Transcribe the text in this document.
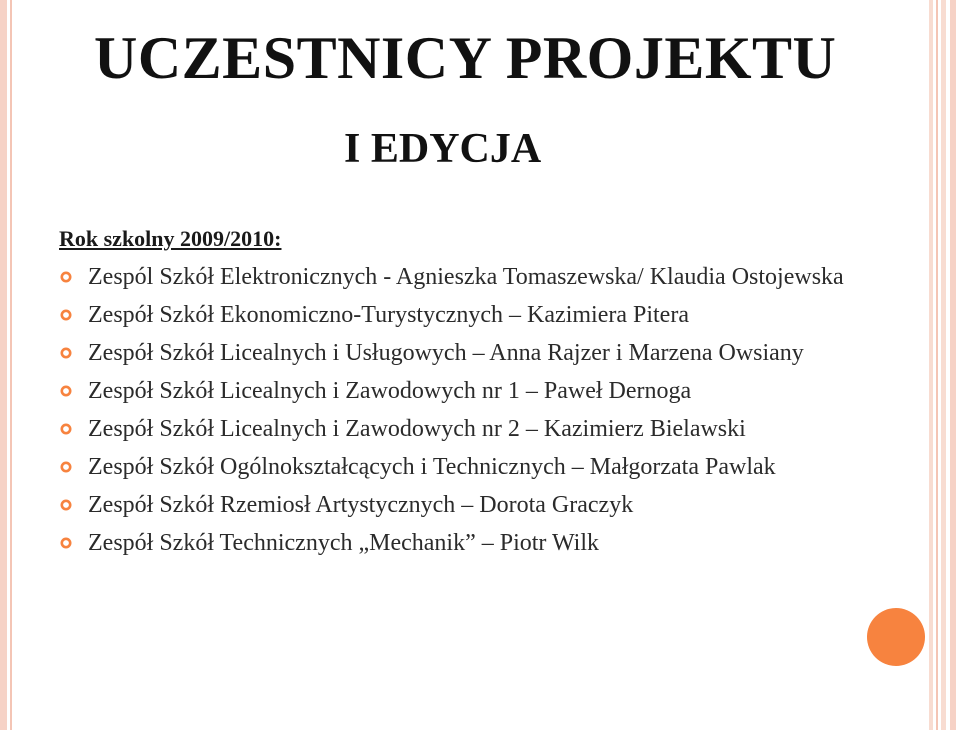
UCZESTNICY PROJEKTU
I EDYCJA
Rok szkolny 2009/2010:
Zespól Szkół Elektronicznych - Agnieszka Tomaszewska/ Klaudia Ostojewska
Zespół Szkół Ekonomiczno-Turystycznych – Kazimiera Pitera
Zespół Szkół Licealnych i Usługowych – Anna Rajzer i Marzena Owsiany
Zespół Szkół Licealnych i Zawodowych nr 1 – Paweł Dernoga
Zespół Szkół Licealnych i Zawodowych nr 2 – Kazimierz Bielawski
Zespół Szkół Ogólnokształcących i Technicznych – Małgorzata Pawlak
Zespół Szkół Rzemiosł Artystycznych – Dorota Graczyk
Zespół Szkół Technicznych „Mechanik” – Piotr Wilk
